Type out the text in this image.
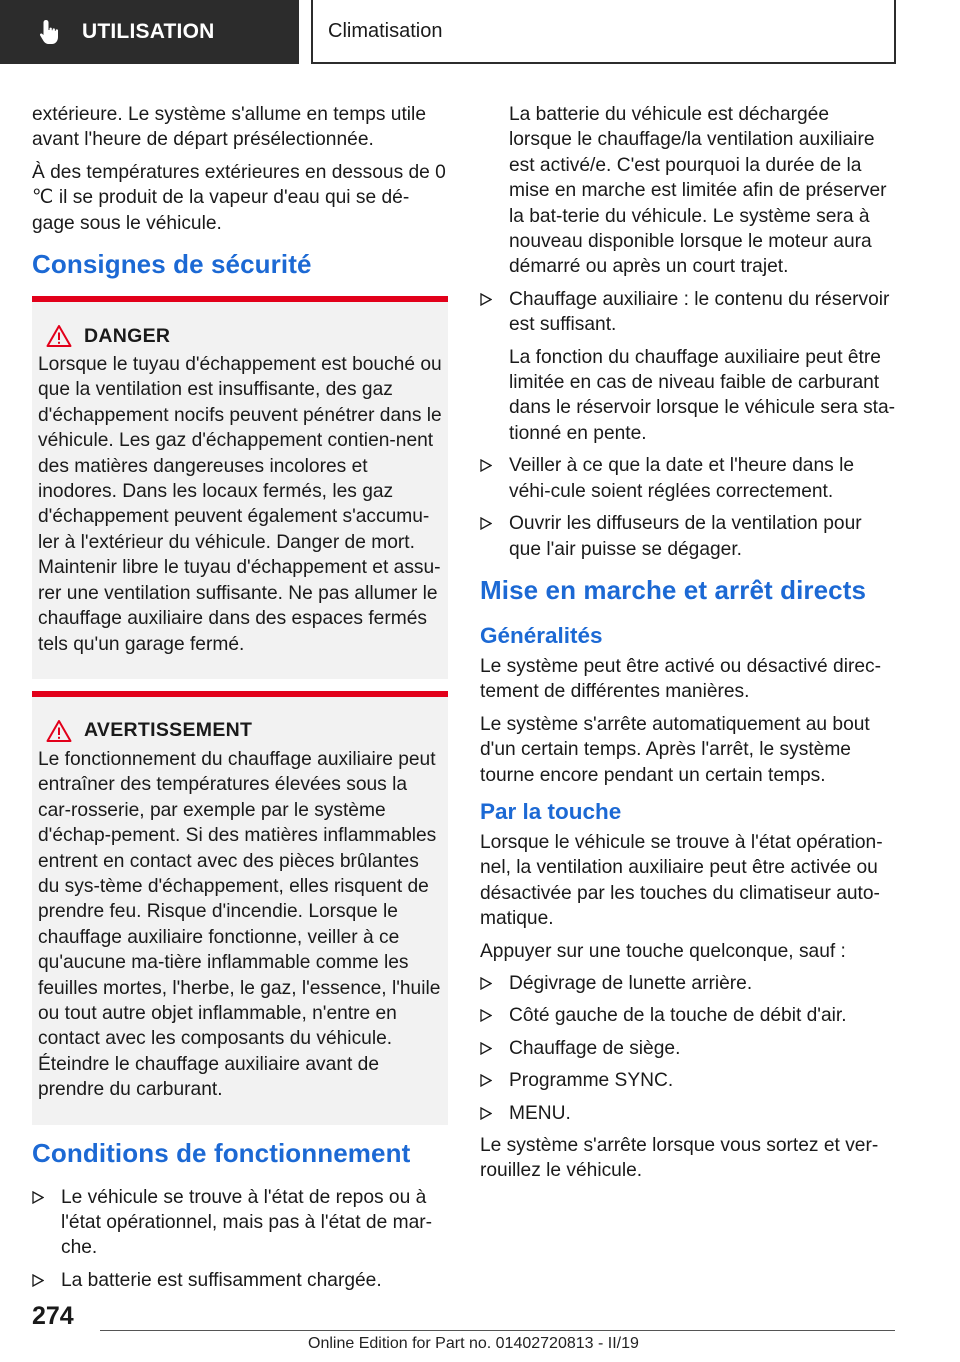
UTILISATION	Climatisation

extérieure. Le système s'allume en temps utile avant l'heure de départ présélectionnée.

À des températures extérieures en dessous de 0 ℃ il se produit de la vapeur d'eau qui se dé‐gage sous le véhicule.

Consignes de sécurité
DANGER

Lorsque le tuyau d'échappement est bouché ou que la ventilation est insuffisante, des gaz d'échappement nocifs peuvent pénétrer dans le véhicule. Les gaz d'échappement contien‐nent des matières dangereuses incolores et inodores. Dans les locaux fermés, les gaz d'échappement peuvent également s'accumu‐ler à l'extérieur du véhicule. Danger de mort. Maintenir libre le tuyau d'échappement et assu‐rer une ventilation suffisante. Ne pas allumer le chauffage auxiliaire dans des espaces fermés tels qu'un garage fermé.

AVERTISSEMENT

Le fonctionnement du chauffage auxiliaire peut entraîner des températures élevées sous la car‐rosserie, par exemple par le système d'échap‐pement. Si des matières inflammables entrent en contact avec des pièces brûlantes du sys‐tème d'échappement, elles risquent de prendre feu. Risque d'incendie. Lorsque le chauffage auxiliaire fonctionne, veiller à ce qu'aucune ma‐tière inflammable comme les feuilles mortes, l'herbe, le gaz, l'essence, l'huile ou tout autre objet inflammable, n'entre en contact avec les composants du véhicule. Éteindre le chauffage auxiliaire avant de prendre du carburant.

Conditions de fonctionnement
Le véhicule se trouve à l'état de repos ou à l'état opérationnel, mais pas à l'état de mar‐che.
La batterie est suffisamment chargée.

La batterie du véhicule est déchargée lorsque le chauffage/la ventilation auxiliaire est activé/e. C'est pourquoi la durée de la mise en marche est limitée afin de préserver la bat‐terie du véhicule. Le système sera à nouveau disponible lorsque le moteur aura démarré ou après un court trajet.

Chauffage auxiliaire : le contenu du réservoir est suffisant.

La fonction du chauffage auxiliaire peut être limitée en cas de niveau faible de carburant dans le réservoir lorsque le véhicule sera sta‐tionné en pente.

Veiller à ce que la date et l'heure dans le véhi‐cule soient réglées correctement.
Ouvrir les diffuseurs de la ventilation pour que l'air puisse se dégager.
Mise en marche et arrêt directs
Généralités

Le système peut être activé ou désactivé direc‐tement de différentes manières.

Le système s'arrête automatiquement au bout d'un certain temps. Après l'arrêt, le système tourne encore pendant un certain temps.

Par la touche

Lorsque le véhicule se trouve à l'état opération‐nel, la ventilation auxiliaire peut être activée ou désactivée par les touches du climatiseur auto‐matique.

Appuyer sur une touche quelconque, sauf :

Dégivrage de lunette arrière.
Côté gauche de la touche de débit d'air.
Chauffage de siège.
Programme SYNC.
MENU.

Le système s'arrête lorsque vous sortez et ver‐rouillez le véhicule.

274
Online Edition for Part no. 01402720813 - II/19
